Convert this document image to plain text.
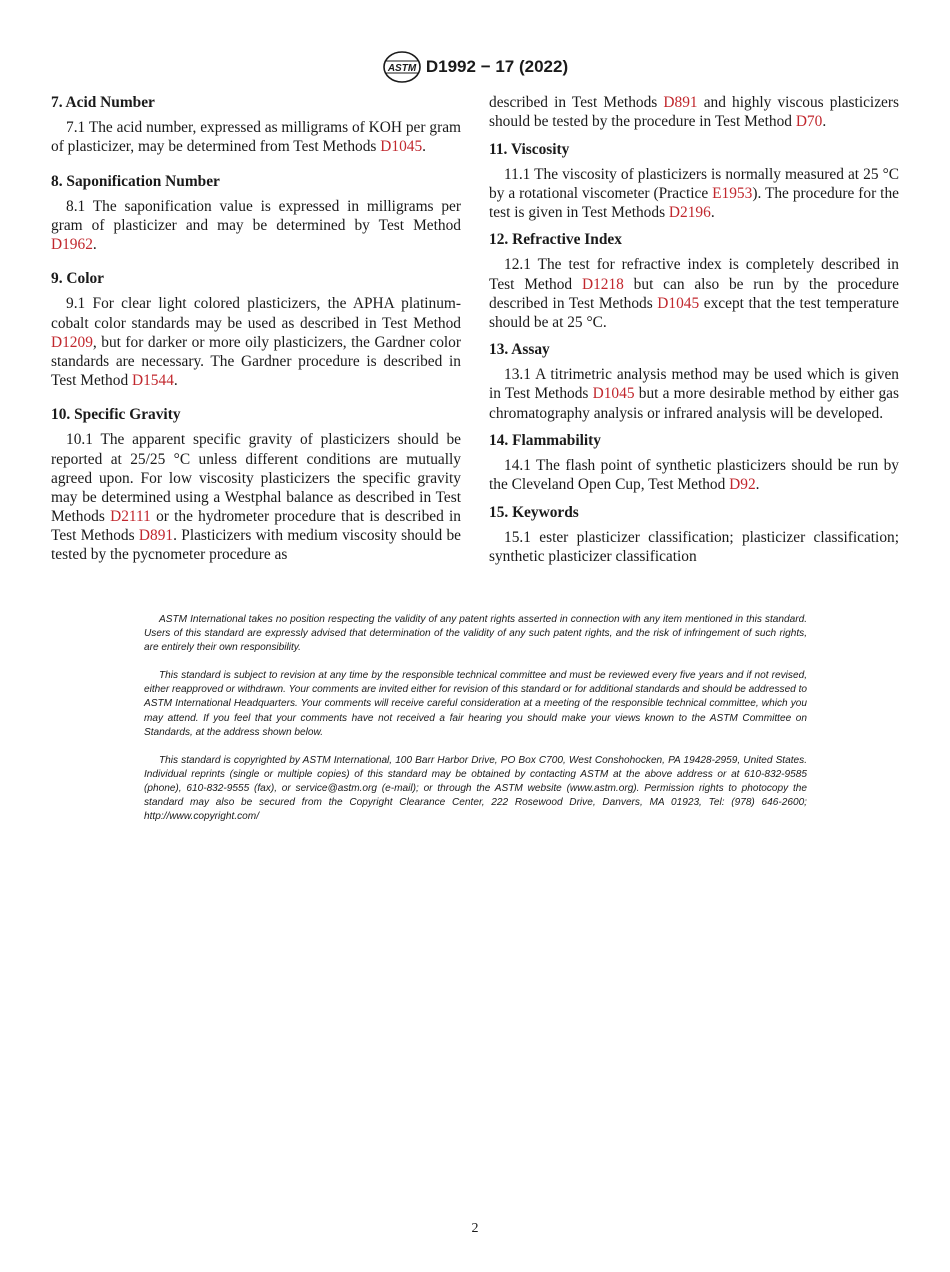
ASTM D1992 − 17 (2022)
7. Acid Number

7.1 The acid number, expressed as milligrams of KOH per gram of plasticizer, may be determined from Test Methods D1045.

8. Saponification Number

8.1 The saponification value is expressed in milligrams per gram of plasticizer and may be determined by Test Method D1962.

9. Color

9.1 For clear light colored plasticizers, the APHA platinum-cobalt color standards may be used as described in Test Method D1209, but for darker or more oily plasticizers, the Gardner color standards are necessary. The Gardner procedure is described in Test Method D1544.

10. Specific Gravity

10.1 The apparent specific gravity of plasticizers should be reported at 25/25 °C unless different conditions are mutually agreed upon. For low viscosity plasticizers the specific gravity may be determined using a Westphal balance as described in Test Methods D2111 or the hydrometer procedure that is described in Test Methods D891. Plasticizers with medium viscosity should be tested by the pycnometer procedure as

described in Test Methods D891 and highly viscous plasticizers should be tested by the procedure in Test Method D70.

11. Viscosity

11.1 The viscosity of plasticizers is normally measured at 25 °C by a rotational viscometer (Practice E1953). The procedure for the test is given in Test Methods D2196.

12. Refractive Index

12.1 The test for refractive index is completely described in Test Method D1218 but can also be run by the procedure described in Test Methods D1045 except that the test temperature should be at 25 °C.

13. Assay

13.1 A titrimetric analysis method may be used which is given in Test Methods D1045 but a more desirable method by either gas chromatography analysis or infrared analysis will be developed.

14. Flammability

14.1 The flash point of synthetic plasticizers should be run by the Cleveland Open Cup, Test Method D92.

15. Keywords

15.1 ester plasticizer classification; plasticizer classification; synthetic plasticizer classification

ASTM International takes no position respecting the validity of any patent rights asserted in connection with any item mentioned in this standard. Users of this standard are expressly advised that determination of the validity of any such patent rights, and the risk of infringement of such rights, are entirely their own responsibility.

This standard is subject to revision at any time by the responsible technical committee and must be reviewed every five years and if not revised, either reapproved or withdrawn. Your comments are invited either for revision of this standard or for additional standards and should be addressed to ASTM International Headquarters. Your comments will receive careful consideration at a meeting of the responsible technical committee, which you may attend. If you feel that your comments have not received a fair hearing you should make your views known to the ASTM Committee on Standards, at the address shown below.

This standard is copyrighted by ASTM International, 100 Barr Harbor Drive, PO Box C700, West Conshohocken, PA 19428-2959, United States. Individual reprints (single or multiple copies) of this standard may be obtained by contacting ASTM at the above address or at 610-832-9585 (phone), 610-832-9555 (fax), or service@astm.org (e-mail); or through the ASTM website (www.astm.org). Permission rights to photocopy the standard may also be secured from the Copyright Clearance Center, 222 Rosewood Drive, Danvers, MA 01923, Tel: (978) 646-2600; http://www.copyright.com/

2
